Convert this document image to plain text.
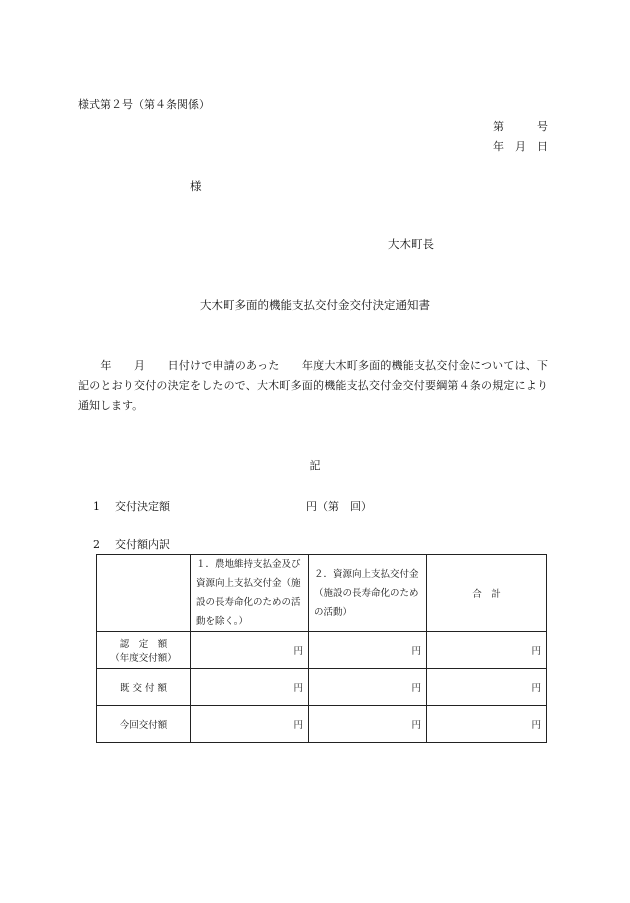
様式第２号（第４条関係）
第　　　号
年　月　日
様
大木町長
大木町多面的機能支払交付金交付決定通知書

　　年　　月　　日付けで申請のあった　　年度大木町多面的機能支払交付金については、下記のとおり交付の決定をしたので、大木町多面的機能支払交付金交付要綱第４条の規定により通知します。

記
1 交付決定額	円（第　回）
2 交付額内訳
	１．農地維持支払金及び資源向上支払交付金（施設の長寿命化のための活動を除く。）	２．資源向上支払交付金（施設の長寿命化のための活動）	合　計

認　定　額
（年度交付額）	円	円	円
既 交 付 額	円	円	円
今回交付額	円	円	円
